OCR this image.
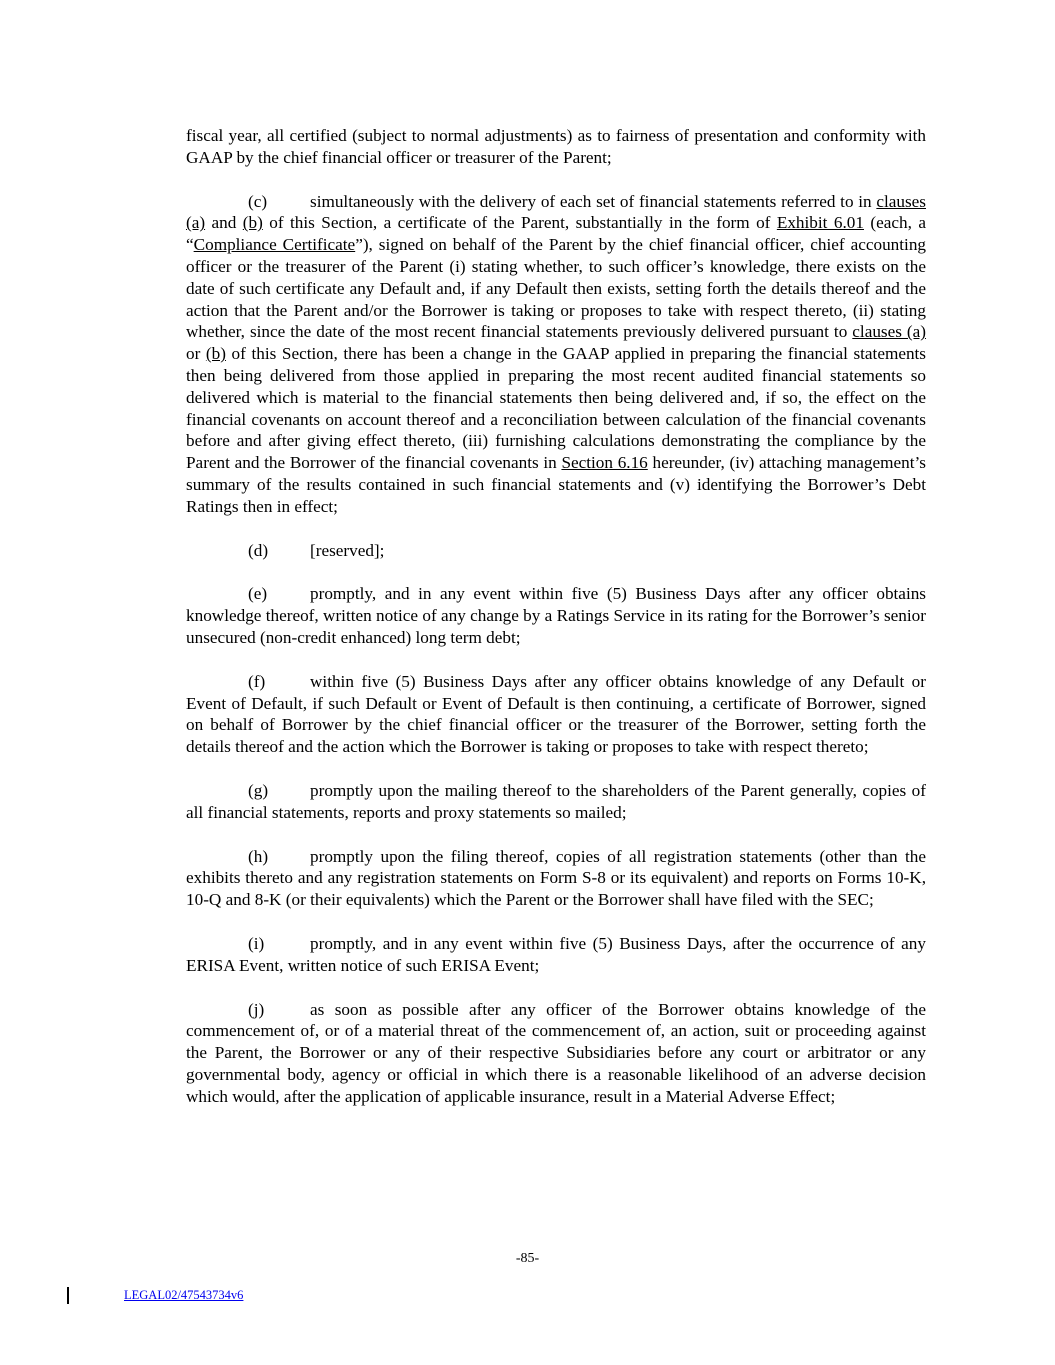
fiscal year, all certified (subject to normal adjustments) as to fairness of presentation and conformity with GAAP by the chief financial officer or treasurer of the Parent;

(c) simultaneously with the delivery of each set of financial statements referred to in clauses (a) and (b) of this Section, a certificate of the Parent, substantially in the form of Exhibit 6.01 (each, a “Compliance Certificate”), signed on behalf of the Parent by the chief financial officer, chief accounting officer or the treasurer of the Parent (i) stating whether, to such officer’s knowledge, there exists on the date of such certificate any Default and, if any Default then exists, setting forth the details thereof and the action that the Parent and/or the Borrower is taking or proposes to take with respect thereto, (ii) stating whether, since the date of the most recent financial statements previously delivered pursuant to clauses (a) or (b) of this Section, there has been a change in the GAAP applied in preparing the financial statements then being delivered from those applied in preparing the most recent audited financial statements so delivered which is material to the financial statements then being delivered and, if so, the effect on the financial covenants on account thereof and a reconciliation between calculation of the financial covenants before and after giving effect thereto, (iii) furnishing calculations demonstrating the compliance by the Parent and the Borrower of the financial covenants in Section 6.16 hereunder, (iv) attaching management’s summary of the results contained in such financial statements and (v) identifying the Borrower’s Debt Ratings then in effect;

(d) [reserved];

(e) promptly, and in any event within five (5) Business Days after any officer obtains knowledge thereof, written notice of any change by a Ratings Service in its rating for the Borrower’s senior unsecured (non-credit enhanced) long term debt;

(f)	within five (5) Business Days after any officer obtains knowledge of any Default or Event of Default, if such Default or Event of Default is then continuing, a certificate of Borrower, signed on behalf of Borrower by the chief financial officer or the treasurer of the Borrower, setting forth the details thereof and the action which the Borrower is taking or proposes to take with respect thereto;

(g) promptly upon the mailing thereof to the shareholders of the Parent generally, copies of all financial statements, reports and proxy statements so mailed;

(h) promptly upon the filing thereof, copies of all registration statements (other than the exhibits thereto and any registration statements on Form S-8 or its equivalent) and reports on Forms 10-K, 10-Q and 8-K (or their equivalents) which the Parent or the Borrower shall have filed with the SEC;

(i)	promptly, and in any event within five (5) Business Days, after the occurrence of any ERISA Event, written notice of such ERISA Event;

(j)	as soon as possible after any officer of the Borrower obtains knowledge of the commencement of, or of a material threat of the commencement of, an action, suit or proceeding against the Parent, the Borrower or any of their respective Subsidiaries before any court or arbitrator or any governmental body, agency or official in which there is a reasonable likelihood of an adverse decision which would, after the application of applicable insurance, result in a Material Adverse Effect;

-85-
LEGAL02/47543734v6
